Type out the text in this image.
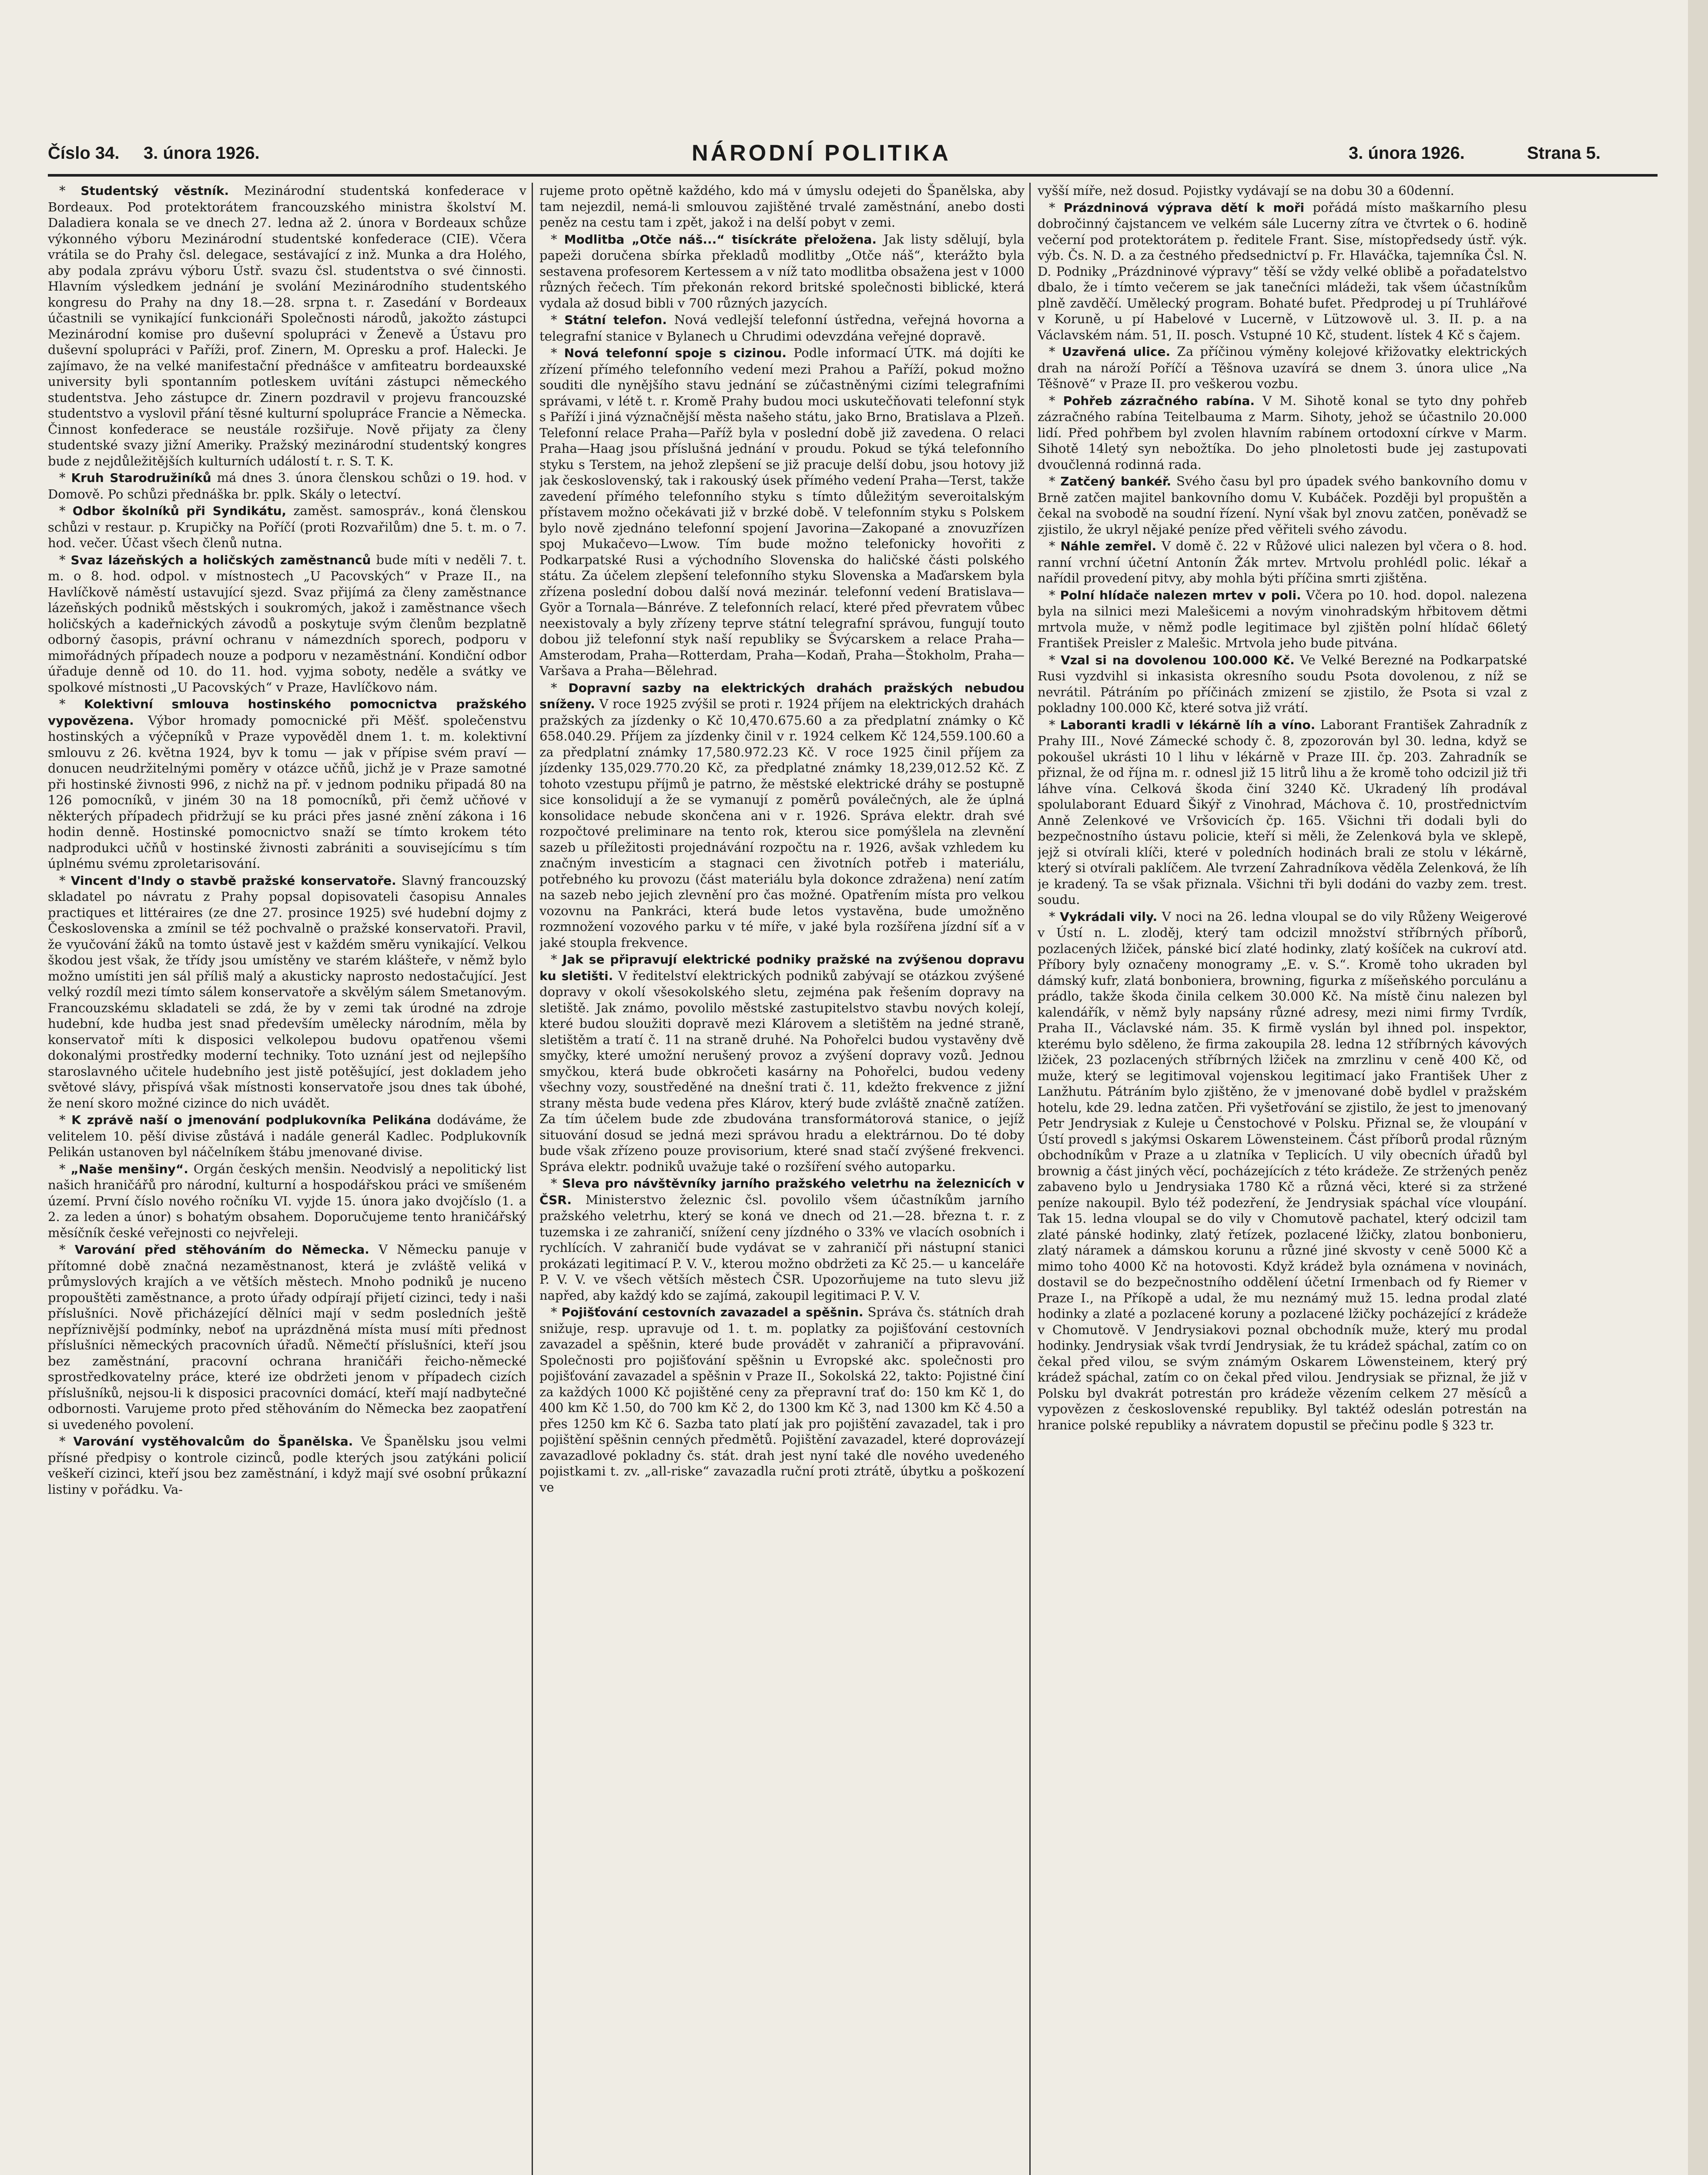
Číslo 34. 3. února 1926.	NÁRODNÍ POLITIKA	3. února 1926.	Strana 5.

* Studentský věstník. Mezinárodní studentská konfederace v Bordeaux. Pod protektorátem francouzského ministra školství M. Daladiera konala se ve dnech 27. ledna až 2. února v Bordeaux schůze výkonného výboru Mezinárodní studentské konfederace (CIE). Včera vrátila se do Prahy čsl. delegace, sestávající z inž. Munka a dra Holého, aby podala zprávu výboru Ústř. svazu čsl. studentstva o své činnosti. Hlavním výsledkem jednání je svolání Mezinárodního studentského kongresu do Prahy na dny 18.—28. srpna t. r. Zasedání v Bordeaux účastnili se vynikající funkcionáři Společnosti národů, jakožto zástupci Mezinárodní komise pro duševní spolupráci v Ženevě a Ústavu pro duševní spolupráci v Paříži, prof. Zinern, M. Opresku a prof. Halecki. Je zajímavo, že na velké manifestační přednášce v amfiteatru bordeauxské university byli spontanním potleskem uvítáni zástupci německého studentstva. Jeho zástupce dr. Zinern pozdravil v projevu francouzské studentstvo a vyslovil přání těsné kulturní spolupráce Francie a Německa. Činnost konfederace se neustále rozšiřuje. Nově přijaty za členy studentské svazy jižní Ameriky. Pražský mezinárodní studentský kongres bude z nejdůležitějších kulturních událostí t. r. S. T. K.

* Kruh Starodružiníků má dnes 3. února členskou schůzi o 19. hod. v Domově. Po schůzi přednáška br. pplk. Skály o letectví.

* Odbor školníků při Syndikátu, zaměst. samospráv., koná členskou schůzi v restaur. p. Krupičky na Poříčí (proti Rozvařilům) dne 5. t. m. o 7. hod. večer. Účast všech členů nutna.

* Svaz lázeňských a holičských zaměstnanců bude míti v neděli 7. t. m. o 8. hod. odpol. v místnostech „U Pacovských“ v Praze II., na Havlíčkově náměstí ustavující sjezd. Svaz přijímá za členy zaměstnance lázeňských podniků městských i soukromých, jakož i zaměstnance všech holičských a kadeřnických závodů a poskytuje svým členům bezplatně odborný časopis, právní ochranu v námezdních sporech, podporu v mimořádných případech nouze a podporu v nezaměstnání. Kondiční odbor úřaduje denně od 10. do 11. hod. vyjma soboty, neděle a svátky ve spolkové místnosti „U Pacovských“ v Praze, Havlíčkovo nám.

* Kolektivní smlouva hostinského pomocnictva pražského vypovězena. Výbor hromady pomocnické při Měšť. společenstvu hostinských a výčepníků v Praze vypověděl dnem 1. t. m. kolektivní smlouvu z 26. května 1924, byv k tomu — jak v přípise svém praví — donucen neudržitelnými poměry v otázce učňů, jichž je v Praze samotné při hostinské živnosti 996, z nichž na př. v jednom podniku připadá 80 na 126 pomocníků, v jiném 30 na 18 pomocníků, při čemž učňové v některých případech přidržují se ku práci přes jasné znění zákona i 16 hodin denně. Hostinské pomocnictvo snaží se tímto krokem této nadprodukci učňů v hostinské živnosti zabrániti a souvisejícímu s tím úplnému svému zproletarisování.

* Vincent d'Indy o stavbě pražské konservatoře. Slavný francouzský skladatel po návratu z Prahy popsal dopisovateli časopisu Annales practiques et littéraires (ze dne 27. prosince 1925) své hudební dojmy z Československa a zmínil se též pochvalně o pražské konservatoři. Pravil, že vyučování žáků na tomto ústavě jest v každém směru vynikající. Velkou škodou jest však, že třídy jsou umístěny ve starém klášteře, v němž bylo možno umístiti jen sál příliš malý a akusticky naprosto nedostačující. Jest velký rozdíl mezi tímto sálem konservatoře a skvělým sálem Smetanovým. Francouzskému skladateli se zdá, že by v zemi tak úrodné na zdroje hudební, kde hudba jest snad především umělecky národním, měla by konservatoř míti k disposici velkolepou budovu opatřenou všemi dokonalými prostředky moderní techniky. Toto uznání jest od nejlepšího staroslavného učitele hudebního jest jistě potěšující, jest dokladem jeho světové slávy, přispívá však místnosti konservatoře jsou dnes tak úbohé, že není skoro možné cizince do nich uvádět.

* K zprávě naší o jmenování podplukovníka Pelikána dodáváme, že velitelem 10. pěší divise zůstává i nadále generál Kadlec. Podplukovník Pelikán ustanoven byl náčelníkem štábu jmenované divise.

* „Naše menšiny“. Orgán českých menšin. Neodvislý a nepolitický list našich hraničářů pro národní, kulturní a hospodářskou práci ve smíšeném území. První číslo nového ročníku VI. vyjde 15. února jako dvojčíslo (1. a 2. za leden a únor) s bohatým obsahem. Doporučujeme tento hraničářský měsíčník české veřejnosti co nejvřeleji.

* Varování před stěhováním do Německa. V Německu panuje v přítomné době značná nezaměstnanost, která je zvláště veliká v průmyslových krajích a ve větších městech. Mnoho podniků je nuceno propouštěti zaměstnance, a proto úřady odpírají přijetí cizinci, tedy i naši příslušníci. Nově přicházející dělníci mají v sedm posledních ještě nepříznivější podmínky, neboť na uprázdněná místa musí míti přednost příslušníci německých pracovních úřadů. Němečtí příslušníci, kteří jsou bez zaměstnání, pracovní ochrana hraničáři řeicho-německé sprostředkovatelny práce, které ize obdržeti jenom v případech cizích příslušníků, nejsou-li k disposici pracovníci domácí, kteří mají nadbytečné odbornosti. Varujeme proto před stěhováním do Německa bez zaopatření si uvedeného povolení.

* Varování vystěhovalcům do Španělska. Ve Španělsku jsou velmi přísné předpisy o kontrole cizinců, podle kterých jsou zatýkáni policií veškeří cizinci, kteří jsou bez zaměstnání, i když mají své osobní průkazní listiny v pořádku. Va-

rujeme proto opětně každého, kdo má v úmyslu odejeti do Španělska, aby tam nejezdil, nemá-li smlouvou zajištěné trvalé zaměstnání, anebo dosti peněz na cestu tam i zpět, jakož i na delší pobyt v zemi.

* Modlitba „Otče náš...“ tisíckráte přeložena. Jak listy sdělují, byla papeži doručena sbírka překladů modlitby „Otče náš“, kterážto byla sestavena profesorem Kertessem a v níž tato modlitba obsažena jest v 1000 různých řečech. Tím překonán rekord britské společnosti biblické, která vydala až dosud bibli v 700 různých jazycích.

* Státní telefon. Nová vedlejší telefonní ústředna, veřejná hovorna a telegrafní stanice v Bylanech u Chrudimi odevzdána veřejné dopravě.

* Nová telefonní spoje s cizinou. Podle informací ÚTK. má dojíti ke zřízení přímého telefonního vedení mezi Prahou a Paříží, pokud možno souditi dle nynějšího stavu jednání se zúčastněnými cizími telegrafními správami, v létě t. r. Kromě Prahy budou moci uskutečňovati telefonní styk s Paříží i jiná význačnější města našeho státu, jako Brno, Bratislava a Plzeň. Telefonní relace Praha—Paříž byla v poslední době již zavedena. O relaci Praha—Haag jsou příslušná jednání v proudu. Pokud se týká telefonního styku s Terstem, na jehož zlepšení se již pracuje delší dobu, jsou hotovy již jak československý, tak i rakouský úsek přímého vedení Praha—Terst, takže zavedení přímého telefonního styku s tímto důležitým severoitalským přístavem možno očekávati již v brzké době. V telefonním styku s Polskem bylo nově zjednáno telefonní spojení Javorina—Zakopané a znovuzřízen spoj Mukačevo—Lwow. Tím bude možno telefonicky hovořiti z Podkarpatské Rusi a východního Slovenska do haličské části polského státu. Za účelem zlepšení telefonního styku Slovenska a Maďarskem byla zřízena poslední dobou další nová mezinár. telefonní vedení Bratislava—Györ a Tornala—Bánréve. Z telefonních relací, které před převratem vůbec neexistovaly a byly zřízeny teprve státní telegrafní správou, fungují touto dobou již telefonní styk naší republiky se Švýcarskem a relace Praha—Amsterodam, Praha—Rotterdam, Praha—Kodaň, Praha—Štokholm, Praha—Varšava a Praha—Bělehrad.

* Dopravní sazby na elektrických drahách pražských nebudou sníženy. V roce 1925 zvýšil se proti r. 1924 příjem na elektrických drahách pražských za jízdenky o Kč 10,470.675.60 a za předplatní známky o Kč 658.040.29. Příjem za jízdenky činil v r. 1924 celkem Kč 124,559.100.60 a za předplatní známky 17,580.972.23 Kč. V roce 1925 činil příjem za jízdenky 135,029.770.20 Kč, za předplatné známky 18,239,012.52 Kč. Z tohoto vzestupu příjmů je patrno, že městské elektrické dráhy se postupně sice konsolidují a že se vymanují z poměrů poválečných, ale že úplná konsolidace nebude skončena ani v r. 1926. Správa elektr. drah své rozpočtové preliminare na tento rok, kterou sice pomýšlela na zlevnění sazeb u příležitosti projednávání rozpočtu na r. 1926, avšak vzhledem ku značným investicím a stagnaci cen životních potřeb i materiálu, potřebného ku provozu (část materiálu byla dokonce zdražena) není zatím na sazeb nebo jejich zlevnění pro čas možné. Opatřením místa pro velkou vozovnu na Pankráci, která bude letos vystavěna, bude umožněno rozmnožení vozového parku v té míře, v jaké byla rozšířena jízdní síť a v jaké stoupla frekvence.

* Jak se připravují elektrické podniky pražské na zvýšenou dopravu ku sletišti. V ředitelství elektrických podniků zabývají se otázkou zvýšené dopravy v okolí všesokolského sletu, zejména pak řešením dopravy na sletiště. Jak známo, povolilo městské zastupitelstvo stavbu nových kolejí, které budou sloužiti dopravě mezi Klárovem a sletištěm na jedné straně, sletištěm a tratí č. 11 na straně druhé. Na Pohořelci budou vystavěny dvě smyčky, které umožní nerušený provoz a zvýšení dopravy vozů. Jednou smyčkou, která bude obkročeti kasárny na Pohořelci, budou vedeny všechny vozy, soustředěné na dnešní trati č. 11, kdežto frekvence z jižní strany města bude vedena přes Klárov, který bude zvláště značně zatížen. Za tím účelem bude zde zbudována transformátorová stanice, o jejíž situování dosud se jedná mezi správou hradu a elektrárnou. Do té doby bude však zřízeno pouze provisorium, které snad stačí zvýšené frekvenci. Správa elektr. podniků uvažuje také o rozšíření svého autoparku.

* Sleva pro návštěvníky jarního pražského veletrhu na železnicích v ČSR. Ministerstvo železnic čsl. povolilo všem účastníkům jarního pražského veletrhu, který se koná ve dnech od 21.—28. března t. r. z tuzemska i ze zahraničí, snížení ceny jízdného o 33% ve vlacích osobních i rychlících. V zahraničí bude vydávat se v zahraničí při nástupní stanici prokázati legitimací P. V. V., kterou možno obdržeti za Kč 25.— u kanceláře P. V. V. ve všech větších městech ČSR. Upozorňujeme na tuto slevu již napřed, aby každý kdo se zajímá, zakoupil legitimaci P. V. V.

* Pojišťování cestovních zavazadel a spěšnin. Správa čs. státních drah snižuje, resp. upravuje od 1. t. m. poplatky za pojišťování cestovních zavazadel a spěšnin, které bude provádět v zahraničí a připravování. Společnosti pro pojišťování spěšnin u Evropské akc. společnosti pro pojišťování zavazadel a spěšnin v Praze II., Sokolská 22, takto: Pojistné činí za každých 1000 Kč pojištěné ceny za přepravní trať do: 150 km Kč 1, do 400 km Kč 1.50, do 700 km Kč 2, do 1300 km Kč 3, nad 1300 km Kč 4.50 a přes 1250 km Kč 6. Sazba tato platí jak pro pojištění zavazadel, tak i pro pojištění spěšnin cenných předmětů. Pojištění zavazadel, které doprovázejí zavazadlové pokladny čs. stát. drah jest nyní také dle nového uvedeného pojistkami t. zv. „all-riske“ zavazadla ruční proti ztrátě, úbytku a poškození ve

vyšší míře, než dosud. Pojistky vydávají se na dobu 30 a 60denní.

* Prázdninová výprava dětí k moři pořádá místo maškarního plesu dobročinný čajstancem ve velkém sále Lucerny zítra ve čtvrtek o 6. hodině večerní pod protektorátem p. ředitele Frant. Sise, místopředsedy ústř. výk. výb. Čs. N. D. a za čestného předsednictví p. Fr. Hlaváčka, tajemníka Čsl. N. D. Podniky „Prázdninové výpravy“ těší se vždy velké oblibě a pořadatelstvo dbalo, že i tímto večerem se jak tanečníci mládeži, tak všem účastníkům plně zavděčí. Umělecký program. Bohaté bufet. Předprodej u pí Truhlářové v Koruně, u pí Habelové v Lucerně, v Lützowově ul. 3. II. p. a na Václavském nám. 51, II. posch. Vstupné 10 Kč, student. lístek 4 Kč s čajem.

* Uzavřená ulice. Za příčinou výměny kolejové křižovatky elektrických drah na nároží Poříčí a Těšnova uzavírá se dnem 3. února ulice „Na Těšnově“ v Praze II. pro veškerou vozbu.

* Pohřeb zázračného rabína. V M. Sihotě konal se tyto dny pohřeb zázračného rabína Teitelbauma z Marm. Sihoty, jehož se účastnilo 20.000 lidí. Před pohřbem byl zvolen hlavním rabínem ortodoxní církve v Marm. Sihotě 14letý syn nebožtíka. Do jeho plnoletosti bude jej zastupovati dvoučlenná rodinná rada.

* Zatčený bankéř. Svého času byl pro úpadek svého bankovního domu v Brně zatčen majitel bankovního domu V. Kubáček. Později byl propuštěn a čekal na svobodě na soudní řízení. Nyní však byl znovu zatčen, poněvadž se zjistilo, že ukryl nějaké peníze před věřiteli svého závodu.

* Náhle zemřel. V domě č. 22 v Růžové ulici nalezen byl včera o 8. hod. ranní vrchní účetní Antonín Žák mrtev. Mrtvolu prohlédl polic. lékař a nařídil provedení pitvy, aby mohla býti příčina smrti zjištěna.

* Polní hlídače nalezen mrtev v poli. Včera po 10. hod. dopol. nalezena byla na silnici mezi Malešicemi a novým vinohradským hřbitovem dětmi mrtvola muže, v němž podle legitimace byl zjištěn polní hlídač 66letý František Preisler z Malešic. Mrtvola jeho bude pitvána.

* Vzal si na dovolenou 100.000 Kč. Ve Velké Berezné na Podkarpatské Rusi vyzdvihl si inkasista okresního soudu Psota dovolenou, z níž se nevrátil. Pátráním po příčinách zmizení se zjistilo, že Psota si vzal z pokladny 100.000 Kč, které sotva již vrátí.

* Laboranti kradli v lékárně líh a víno. Laborant František Zahradník z Prahy III., Nové Zámecké schody č. 8, zpozorován byl 30. ledna, když se pokoušel ukrásti 10 l lihu v lékárně v Praze III. čp. 203. Zahradník se přiznal, že od října m. r. odnesl již 15 litrů lihu a že kromě toho odcizil již tři láhve vína. Celková škoda činí 3240 Kč. Ukradený líh prodával spolulaborant Eduard Šikýř z Vinohrad, Máchova č. 10, prostřednictvím Anně Zelenkové ve Vršovicích čp. 165. Všichni tři dodali byli do bezpečnostního ústavu policie, kteří si měli, že Zelenková byla ve sklepě, jejž si otvírali klíči, které v poledních hodinách brali ze stolu v lékárně, který si otvírali paklíčem. Ale tvrzení Zahradníkova věděla Zelenková, že líh je kradený. Ta se však přiznala. Všichni tři byli dodáni do vazby zem. trest. soudu.

* Vykrádali vily. V noci na 26. ledna vloupal se do vily Růženy Weigerové v Ústí n. L. zloděj, který tam odcizil množství stříbrných příborů, pozlacených lžiček, pánské bicí zlaté hodinky, zlatý košíček na cukroví atd. Příbory byly označeny monogramy „E. v. S.“. Kromě toho ukraden byl dámský kufr, zlatá bonboniera, browning, figurka z míšeňského porculánu a prádlo, takže škoda činila celkem 30.000 Kč. Na místě činu nalezen byl kalendářík, v němž byly napsány různé adresy, mezi nimi firmy Tvrdík, Praha II., Václavské nám. 35. K firmě vyslán byl ihned pol. inspektor, kterému bylo sděleno, že firma zakoupila 28. ledna 12 stříbrných kávových lžiček, 23 pozlacených stříbrných lžiček na zmrzlinu v ceně 400 Kč, od muže, který se legitimoval vojenskou legitimací jako František Uher z Lanžhutu. Pátráním bylo zjištěno, že v jmenované době bydlel v pražském hotelu, kde 29. ledna zatčen. Při vyšetřování se zjistilo, že jest to jmenovaný Petr Jendrysiak z Kuleje u Čenstochové v Polsku. Přiznal se, že vloupání v Ústí provedl s jakýmsi Oskarem Löwensteinem. Část příborů prodal různým obchodníkům v Praze a u zlatníka v Teplicích. U vily obecních úřadů byl brownig a část jiných věcí, pocházejících z této krádeže. Ze stržených peněz zabaveno bylo u Jendrysiaka 1780 Kč a různá věci, které si za stržené peníze nakoupil. Bylo též podezření, že Jendrysiak spáchal více vloupání. Tak 15. ledna vloupal se do vily v Chomutově pachatel, který odcizil tam zlaté pánské hodinky, zlatý řetízek, pozlacené lžičky, zlatou bonbonieru, zlatý náramek a dámskou korunu a různé jiné skvosty v ceně 5000 Kč a mimo toho 4000 Kč na hotovosti. Když krádež byla oznámena v novinách, dostavil se do bezpečnostního oddělení účetní Irmenbach od fy Riemer v Praze I., na Příkopě a udal, že mu neznámý muž 15. ledna prodal zlaté hodinky a zlaté a pozlacené koruny a pozlacené lžičky pocházející z krádeže v Chomutově. V Jendrysiakovi poznal obchodník muže, který mu prodal hodinky. Jendrysiak však tvrdí Jendrysiak, že tu krádež spáchal, zatím co on čekal před vilou, se svým známým Oskarem Löwensteinem, který prý krádež spáchal, zatím co on čekal před vilou. Jendrysiak se přiznal, že již v Polsku byl dvakrát potrestán pro krádeže vězením celkem 27 měsíců a vypovězen z československé republiky. Byl taktéž odeslán potrestán na hranice polské republiky a návratem dopustil se přečinu podle § 323 tr.
